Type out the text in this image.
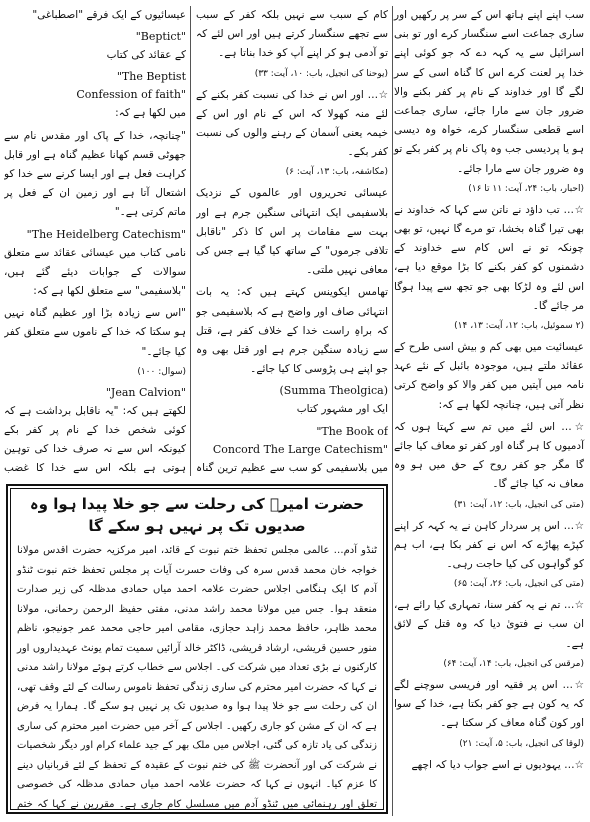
سب اپنے اپنے ہاتھ اس کے سر پر رکھیں اور ساری جماعت اسے سنگسار کرے اور تو بنی اسرائیل سے یہ کہہ دے کہ جو کوئی اپنے خدا پر لعنت کرے اس کا گناہ اسی کے سر لگے گا اور خداوند کے نام پر کفر بکنے والا ضرور جان سے مارا جائے، ساری جماعت اسے قطعی سنگسار کرے، خواہ وہ دیسی ہو یا پردیسی جب وہ پاک نام پر کفر بکے تو وہ ضرور جان سے مارا جائے۔

(احبار، باب: ۲۴، آیت: ۱۱ تا ۱۶)

☆… تب داؤد نے ناتن سے کہا کہ خداوند نے بھی تیرا گناہ بخشا، تو مرے گا نہیں، تو بھی چونکہ تو نے اس کام سے خداوند کے دشمنوں کو کفر بکنے کا بڑا موقع دیا ہے، اس لئے وہ لڑکا بھی جو تجھ سے پیدا ہوگا مر جائے گا۔

(۲ سموئیل، باب: ۱۲، آیت: ۱۳، ۱۴)

عیسائیت میں بھی کم و بیش اسی طرح کے عقائد ملتے ہیں، موجودہ بائبل کے نئے عہد نامہ میں آیتیں میں کفر والا کو واضح کرتی نظر آتی ہیں، چنانچہ لکھا ہے کہ:

☆… اس لئے میں تم سے کہتا ہوں کہ آدمیوں کا ہر گناہ اور کفر تو معاف کیا جائے گا مگر جو کفر روح کے حق میں ہو وہ معاف نہ کیا جائے گا۔

(متی کی انجیل، باب: ۱۲، آیت: ۳۱)

☆… اس پر سردار کاہن نے یہ کہہ کر اپنے کپڑے پھاڑے کہ اس نے کفر بکا ہے، اب ہم کو گواہوں کی کیا حاجت رہی۔

(متی کی انجیل، باب: ۲۶، آیت: ۶۵)

☆… تم نے یہ کفر سنا، تمہاری کیا رائے ہے، ان سب نے فتویٰ دیا کہ وہ قتل کے لائق ہے۔

(مرقس کی انجیل، باب: ۱۴، آیت: ۶۴)

☆… اس پر فقیہ اور فریسی سوچنے لگے کہ یہ کون ہے جو کفر بکتا ہے، خدا کے سوا اور کون گناہ معاف کر سکتا ہے۔

(لوقا کی انجیل، باب: ۵، آیت: ۲۱)

☆… یہودیوں نے اسے جواب دیا کہ اچھے

کام کے سبب سے نہیں بلکہ کفر کے سبب سے تجھے سنگسار کرتے ہیں اور اس لئے کہ تو آدمی ہو کر اپنے آپ کو خدا بناتا ہے۔

(یوحنا کی انجیل، باب: ۱۰، آیت: ۳۳)

☆… اور اس نے خدا کی نسبت کفر بکنے کے لئے منہ کھولا کہ اس کے نام اور اس کے خیمہ یعنی آسمان کے رہنے والوں کی نسبت کفر بکے۔

(مکاشفہ، باب: ۱۳، آیت: ۶)

عیسائی تحریروں اور عالموں کے نزدیک بلاسفیمی ایک انتہائی سنگین جرم ہے اور بہت سے مقامات پر اس کا ذکر "ناقابل تلافی جرموں" کے ساتھ کیا گیا ہے جس کی معافی نہیں ملتی۔

تھامس ایکوینس کہتے ہیں کہ: یہ بات انتہائی صاف اور واضح ہے کہ بلاسفیمی جو کہ براہِ راست خدا کے خلاف کفر ہے، قتل سے زیادہ سنگین جرم ہے اور قتل بھی وہ جو اپنے ہی پڑوسی کا کیا جائے۔

(Summa Theolgica)

ایک اور مشہور کتاب

"The Book of
Concord The Large Catechism"

میں بلاسفیمی کو سب سے عظیم ترین گناہ

عیسائیوں کے ایک فرقے "اصطباغی"

"Beptict"

کے عقائد کی کتاب

"The Beptist
Confession of faith"

میں لکھا ہے کہ:

"چنانچہ، خدا کے پاک اور مقدس نام سے جھوٹی قسم کھانا عظیم گناہ ہے اور قابل کراہت فعل ہے اور ایسا کرنے سے خدا کو اشتعال آتا ہے اور زمین ان کے فعل پر ماتم کرتی ہے۔"

"The Heidelberg Catechism"

نامی کتاب میں عیسائی عقائد سے متعلق سوالات کے جوابات دیئے گئے ہیں، "بلاسفیمی" سے متعلق لکھا ہے کہ:

"اس سے زیادہ بڑا اور عظیم گناہ نہیں ہو سکتا کہ خدا کے ناموں سے متعلق کفر کیا جائے۔"

(سوال: ۱۰۰)

"Jean Calvion"

لکھتے ہیں کہ: "یہ ناقابل برداشت ہے کہ کوئی شخص خدا کے نام پر کفر بکے کیونکہ اس سے نہ صرف خدا کی توہین ہوتی ہے بلکہ اس سے خدا کا غضب

حضرت امیرؒ کی رحلت سے جو خلا پیدا ہوا وہ صدیوں تک پر نہیں ہو سکے گا
ٹنڈو آدم… عالمی مجلس تحفظ ختم نبوت کے قائد، امیر مرکزیہ حضرت اقدس مولانا خواجہ خان محمد قدس سرہ کی وفات حسرت آیات پر مجلس تحفظ ختم نبوت ٹنڈو آدم کا ایک ہنگامی اجلاس حضرت علامہ احمد میاں حمادی مدظلہ کی زیر صدارت منعقد ہوا۔ جس میں مولانا محمد راشد مدنی، مفتی حفیظ الرحمن رحمانی، مولانا محمد ظاہر، حافظ محمد زاہد حجازی، مقامی امیر حاجی محمد عمر جونیجو، ناظم منور حسین قریشی، ارشاد قریشی، ڈاکٹر خالد آرائیں سمیت تمام یونٹ عہدیداروں اور کارکنوں نے بڑی تعداد میں شرکت کی۔ اجلاس سے خطاب کرتے ہوئے مولانا راشد مدنی نے کہا کہ حضرت امیر محترم کی ساری زندگی تحفظ ناموس رسالت کے لئے وقف تھی، ان کی رحلت سے جو خلا پیدا ہوا وہ صدیوں تک پر نہیں ہو سکے گا۔ ہمارا یہ فرض ہے کہ ان کے مشن کو جاری رکھیں۔ اجلاس کے آخر میں حضرت امیر محترم کی ساری زندگی کی یاد تازہ کی گئی، اجلاس میں ملک بھر کے جید علماء کرام اور دیگر شخصیات نے شرکت کی اور آنحضرت ﷺ کی ختم نبوت کے عقیدہ کے تحفظ کے لئے قربانیاں دینے کا عزم کیا۔ انہوں نے کہا کہ حضرت علامہ احمد میاں حمادی مدظلہ کی خصوصی تعلق اور رہنمائی میں ٹنڈو آدم میں مسلسل کام جاری ہے۔ مقررین نے کہا کہ ختم
